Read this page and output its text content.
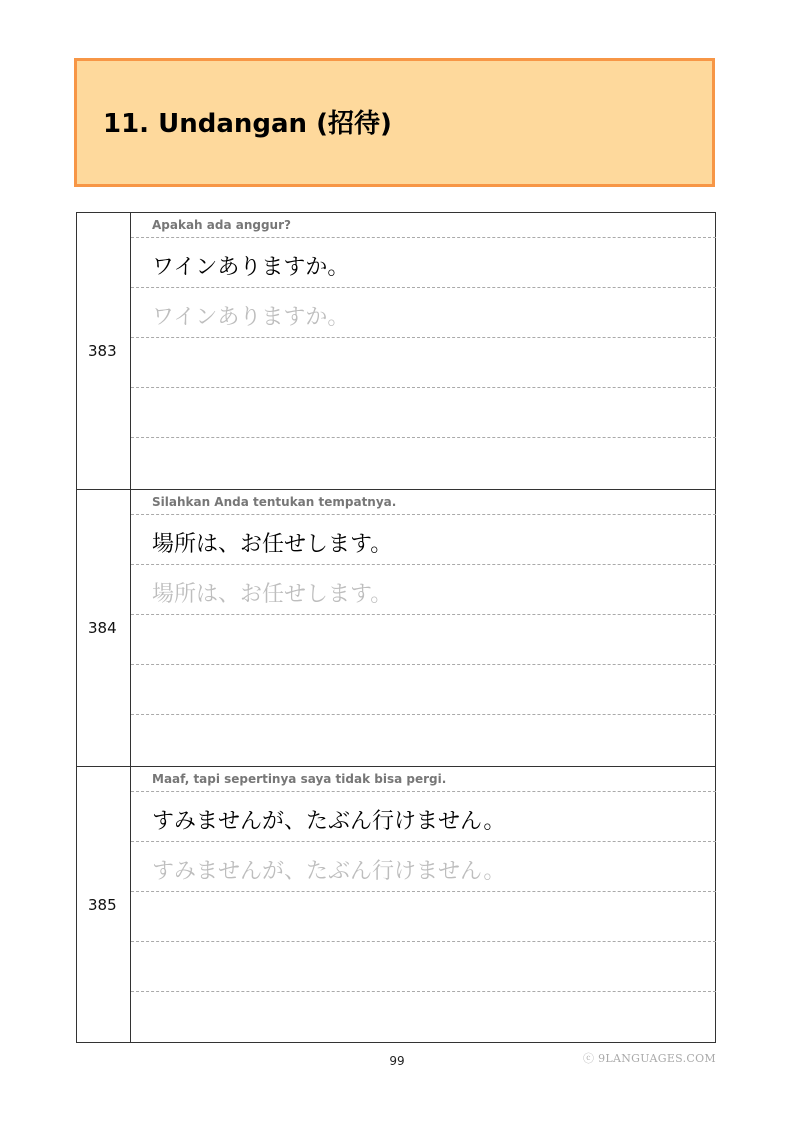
11. Undangan (招待)
383
Apakah ada anggur?
ワインありますか。
ワインありますか。
384
Silahkan Anda tentukan tempatnya.
場所は、お任せします。
場所は、お任せします。
385
Maaf, tapi sepertinya saya tidak bisa pergi.
すみませんが、たぶん行けません。
すみませんが、たぶん行けません。
99	ⓒ 9LANGUAGES.COM
